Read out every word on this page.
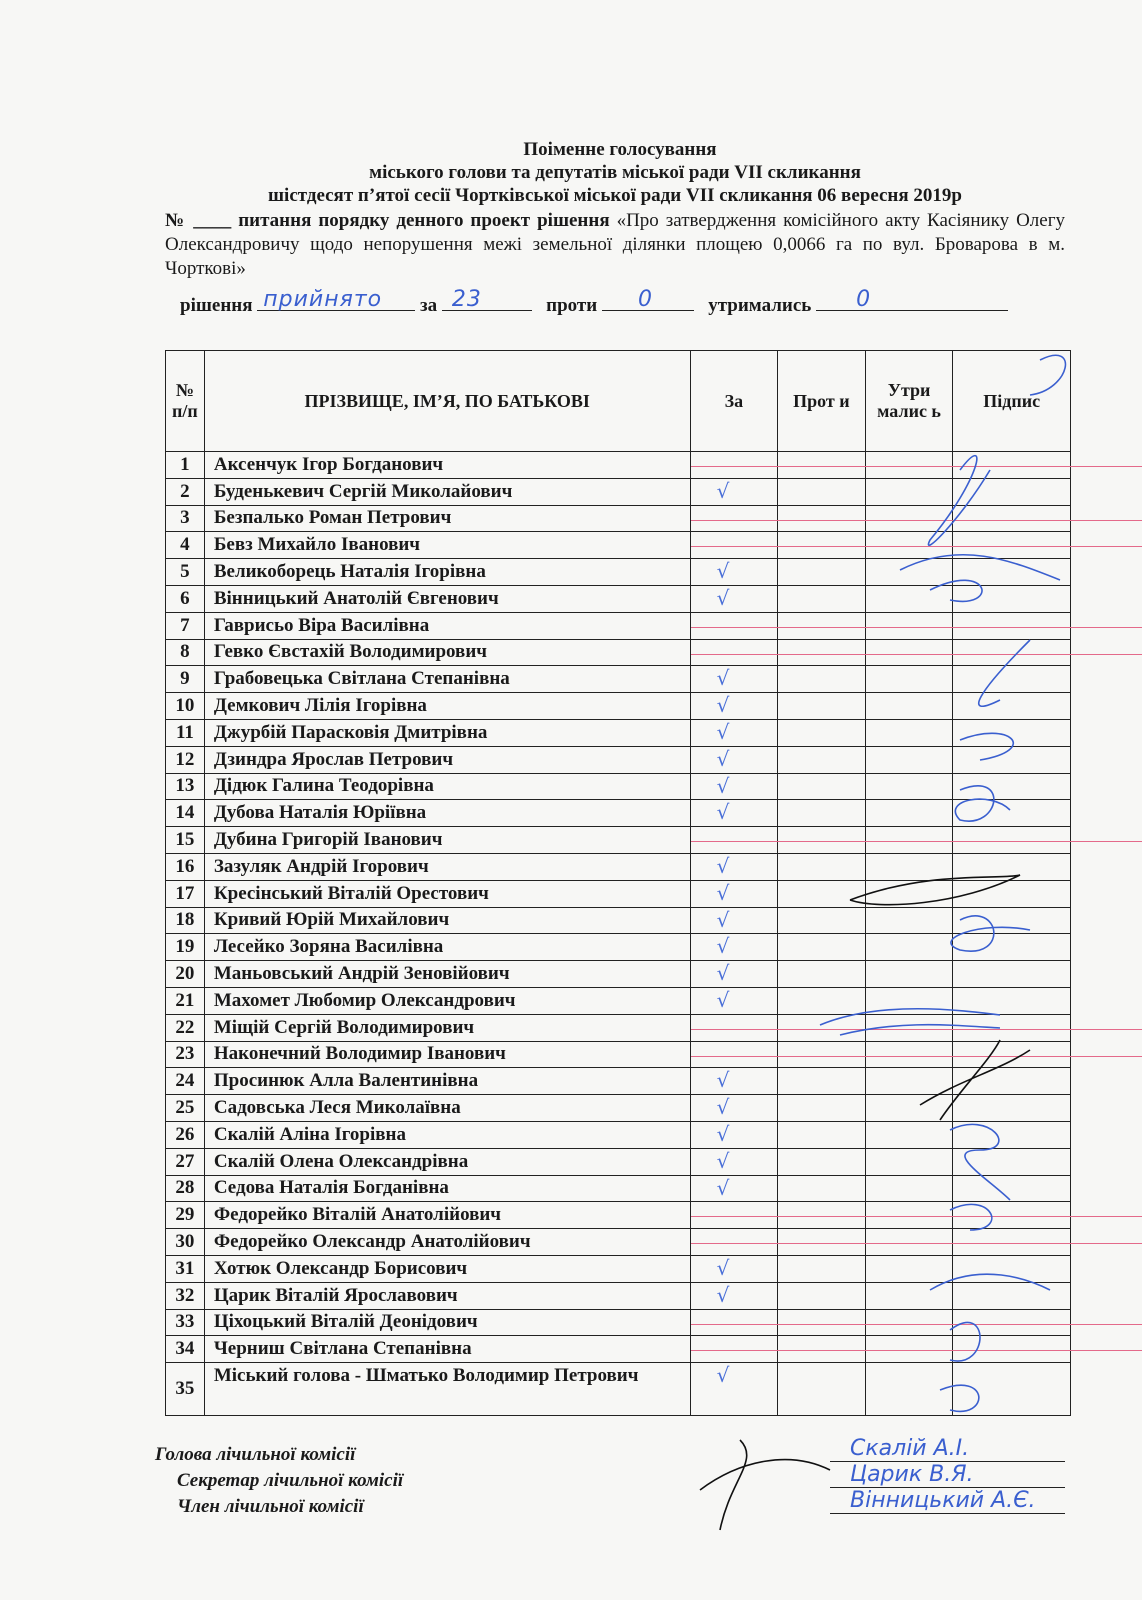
Поіменне голосування
міського голови та депутатів міської ради VII скликання
шістдесят п’ятої сесії Чортківської міської ради VII скликання 06 вересня 2019р
№ ____ питання порядку денного проект рішення «Про затвердження комісійного акту Касіянику Олегу Олександровичу щодо непорушення межі земельної ділянки площею 0,0066 га по вул. Броварова в м. Чорткові»
рішення прийнято за 23	проти 0	утримались 0
№ п/п	ПРІЗВИЩЕ, ІМ’Я, ПО БАТЬКОВІ	За	Прот и	Утри малис ь	Підпис
1	Аксенчук Ігор Богданович	

2	Буденькевич Сергій Миколайович	√			

3	Безпалько Роман Петрович	

4	Бевз Михайло Іванович	

5	Великоборець Наталія Ігорівна	√			

6	Вінницький Анатолій Євгенович	√			

7	Гаврисьо Віра Василівна	

8	Гевко Євстахій Володимирович	

9	Грабовецька Світлана Степанівна	√			

10	Демкович Лілія Ігорівна	√			

11	Джурбій Парасковія Дмитрівна	√			

12	Дзиндра Ярослав Петрович	√			

13	Дідюк Галина Теодорівна	√			

14	Дубова Наталія Юріївна	√			

15	Дубина Григорій Іванович	

16	Зазуляк Андрій Ігорович	√			

17	Кресінський Віталій Орестович	√			

18	Кривий Юрій Михайлович	√			

19	Лесейко Зоряна Василівна	√			

20	Маньовський Андрій Зеновійович	√			

21	Махомет Любомир Олександрович	√			

22	Міщій Сергій Володимирович	

23	Наконечний Володимир Іванович	

24	Просинюк Алла Валентинівна	√			

25	Садовська Леся Миколаївна	√			

26	Скалій Аліна Ігорівна	√			

27	Скалій Олена Олександрівна	√			

28	Седова Наталія Богданівна	√			

29	Федорейко Віталій Анатолійович	

30	Федорейко Олександр Анатолійович	

31	Хотюк Олександр Борисович	√			

32	Царик Віталій Ярославович	√			

33	Ціхоцький Віталій Деонідович	

34	Черниш Світлана Степанівна	

35	Міський голова - Шматько Володимир Петрович	√			

Голова лічильної комісії
Секретар лічильної комісії
Член лічильної комісії
Скалій А.І.
Царик В.Я.
Вінницький А.Є.
